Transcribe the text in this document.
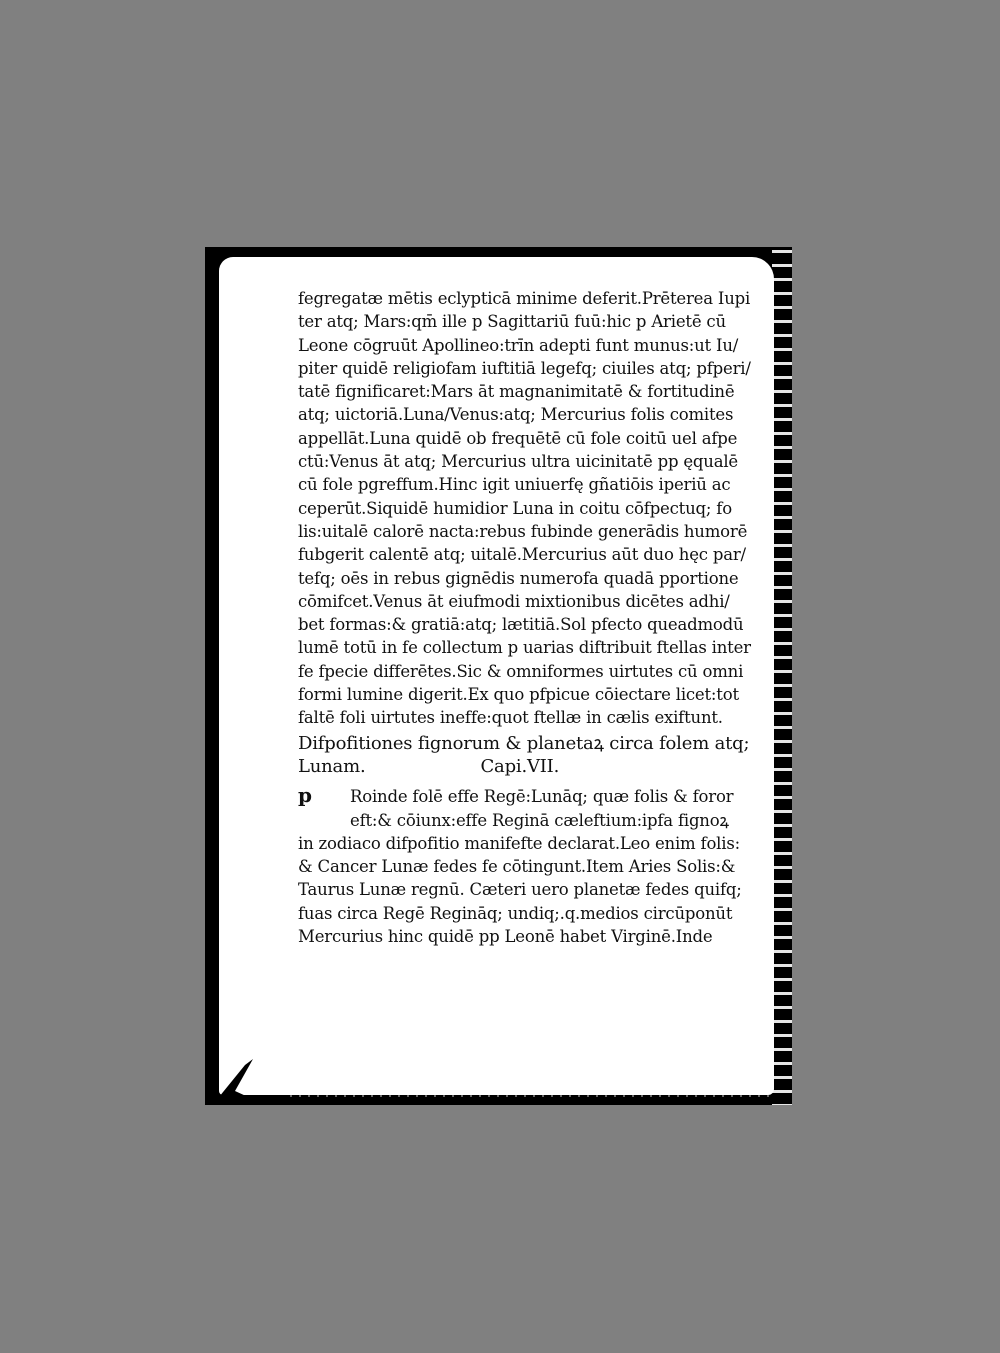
fegregatæ mētis eclypticā minime deferit.Prēterea Iupi
ter atq; Mars:qm̄ ille p Sagittariū fuū:hic p Arietē cū
Leone cōgruūt Apollineo:trīn adepti funt munus:ut Iu/
piter quidē religiofam iuftitiā legefq; ciuiles atq; pfperi/
tatē fignificaret:Mars āt magnanimitatē & fortitudinē
atq; uictoriā.Luna/Venus:atq; Mercurius folis comites
appellāt.Luna quidē ob frequētē cū fole coitū uel afpe
ctū:Venus āt atq; Mercurius ultra uicinitatē pp ęqualē
cū fole pgreffum.Hinc igit uniuerfę gñatiōis iperiū ac
ceperūt.Siquidē humidior Luna in coitu cōfpectuq; fo
lis:uitalē calorē nacta:rebus fubinde generādis humorē
fubgerit calentē atq; uitalē.Mercurius aūt duo hęc par/
tefq; oēs in rebus gignēdis numerofa quadā pportione
cōmifcet.Venus āt eiufmodi mixtionibus dicētes adhi/
bet formas:& gratiā:atq; lætitiā.Sol pfecto queadmodū
lumē totū in fe collectum p uarias diftribuit ftellas inter
fe fpecie differētes.Sic & omniformes uirtutes cū omni
formi lumine digerit.Ex quo pfpicue cōiectare licet:tot
faltē foli uirtutes ineffe:quot ftellæ in cælis exiftunt.
Difpofitiones fignorum & planetaꝝ circa folem atq;
Lunam.	Capi.VII.
p Roinde folē effe Regē:Lunāq; quæ folis & foror
eft:& cōiunx:effe Reginā cæleftium:ipfa fignoꝝ
in zodiaco difpofitio manifefte declarat.Leo enim folis:
& Cancer Lunæ fedes fe cōtingunt.Item Aries Solis:&
Taurus Lunæ regnū. Cæteri uero planetæ fedes quifq;
fuas circa Regē Regināq; undiq;.q.medios circūponūt
Mercurius hinc quidē pp Leonē habet Virginē.Inde
